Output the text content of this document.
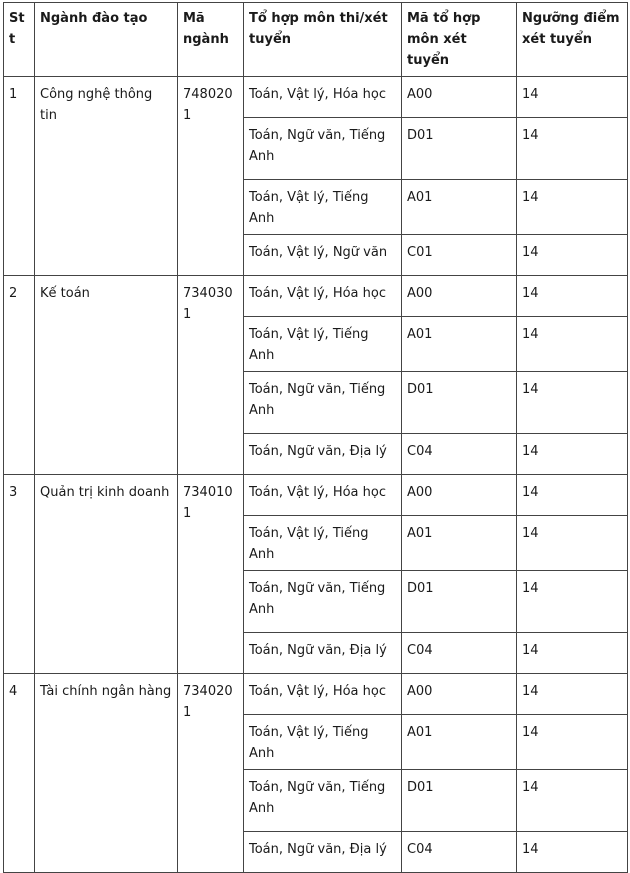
Stt	Ngành đào tạo	Mã ngành	Tổ hợp môn thi/xét tuyển	Mã tổ hợp môn xét tuyển	Ngưỡng điểm xét tuyển
1	Công nghệ thông tin	7480201	Toán, Vật lý, Hóa học	A00	14
			Toán, Ngữ văn, Tiếng Anh	D01	14
			Toán, Vật lý, Tiếng Anh	A01	14
			Toán, Vật lý, Ngữ văn	C01	14
2	Kế toán	7340301	Toán, Vật lý, Hóa học	A00	14
			Toán, Vật lý, Tiếng Anh	A01	14
			Toán, Ngữ văn, Tiếng Anh	D01	14
			Toán, Ngữ văn, Địa lý	C04	14
3	Quản trị kinh doanh	7340101	Toán, Vật lý, Hóa học	A00	14
			Toán, Vật lý, Tiếng Anh	A01	14
			Toán, Ngữ văn, Tiếng Anh	D01	14
			Toán, Ngữ văn, Địa lý	C04	14
4	Tài chính ngân hàng	7340201	Toán, Vật lý, Hóa học	A00	14
			Toán, Vật lý, Tiếng Anh	A01	14
			Toán, Ngữ văn, Tiếng Anh	D01	14
			Toán, Ngữ văn, Địa lý	C04	14
